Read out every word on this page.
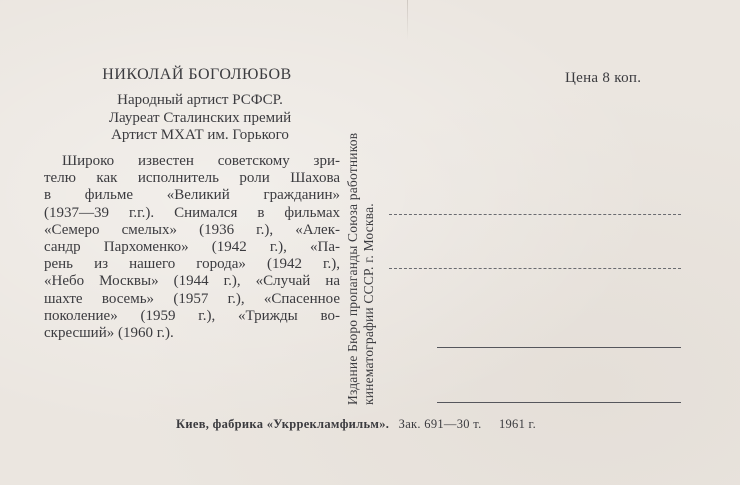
НИКОЛАЙ БОГОЛЮБОВ
Народный артист РСФСР.
Лауреат Сталинских премий
Артист МХАТ им. Горького
Широко известен советскому зри-
телю как исполнитель роли Шахова
в фильме «Великий гражданин»
(1937—39 г.г.). Снимался в фильмах
«Семеро смелых» (1936 г.), «Алек-
сандр Пархоменко» (1942 г.), «Па-
рень из нашего города» (1942 г.),
«Небо Москвы» (1944 г.), «Случай на
шахте восемь» (1957 г.), «Спасенное
поколение» (1959 г.), «Трижды во-
скресший» (1960 г.).	Издание Бюро пропаганды Союза работников кинематографии СССР. г. Москва.
Цена 8 коп.
Киев, фабрика «Укррекламфильм». Зак. 691—30 т. 1961 г.
